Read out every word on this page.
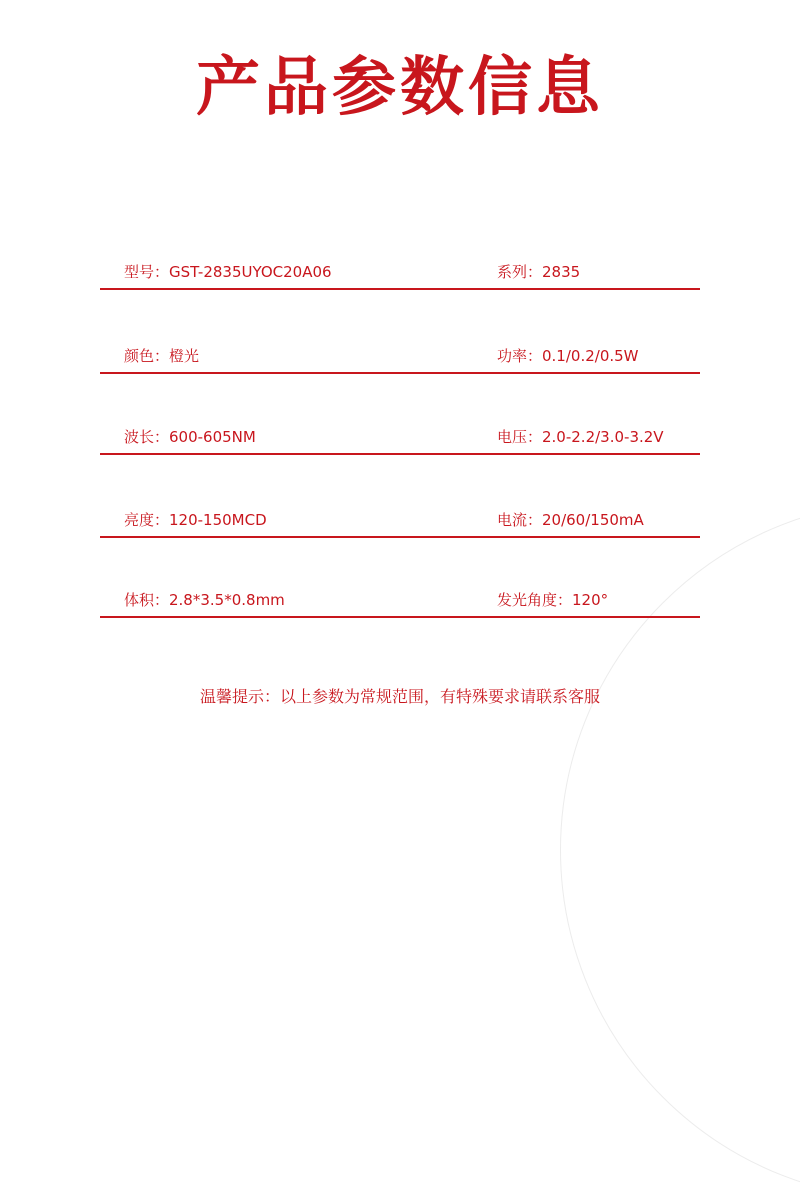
产品参数信息
型号：GST-2835UYOC20A06	系列：2835
颜色：橙光	功率：0.1/0.2/0.5W
波长：600-605NM	电压：2.0-2.2/3.0-3.2V
亮度：120-150MCD	电流：20/60/150mA
体积：2.8*3.5*0.8mm	发光角度：120°
温馨提示：以上参数为常规范围，有特殊要求请联系客服
